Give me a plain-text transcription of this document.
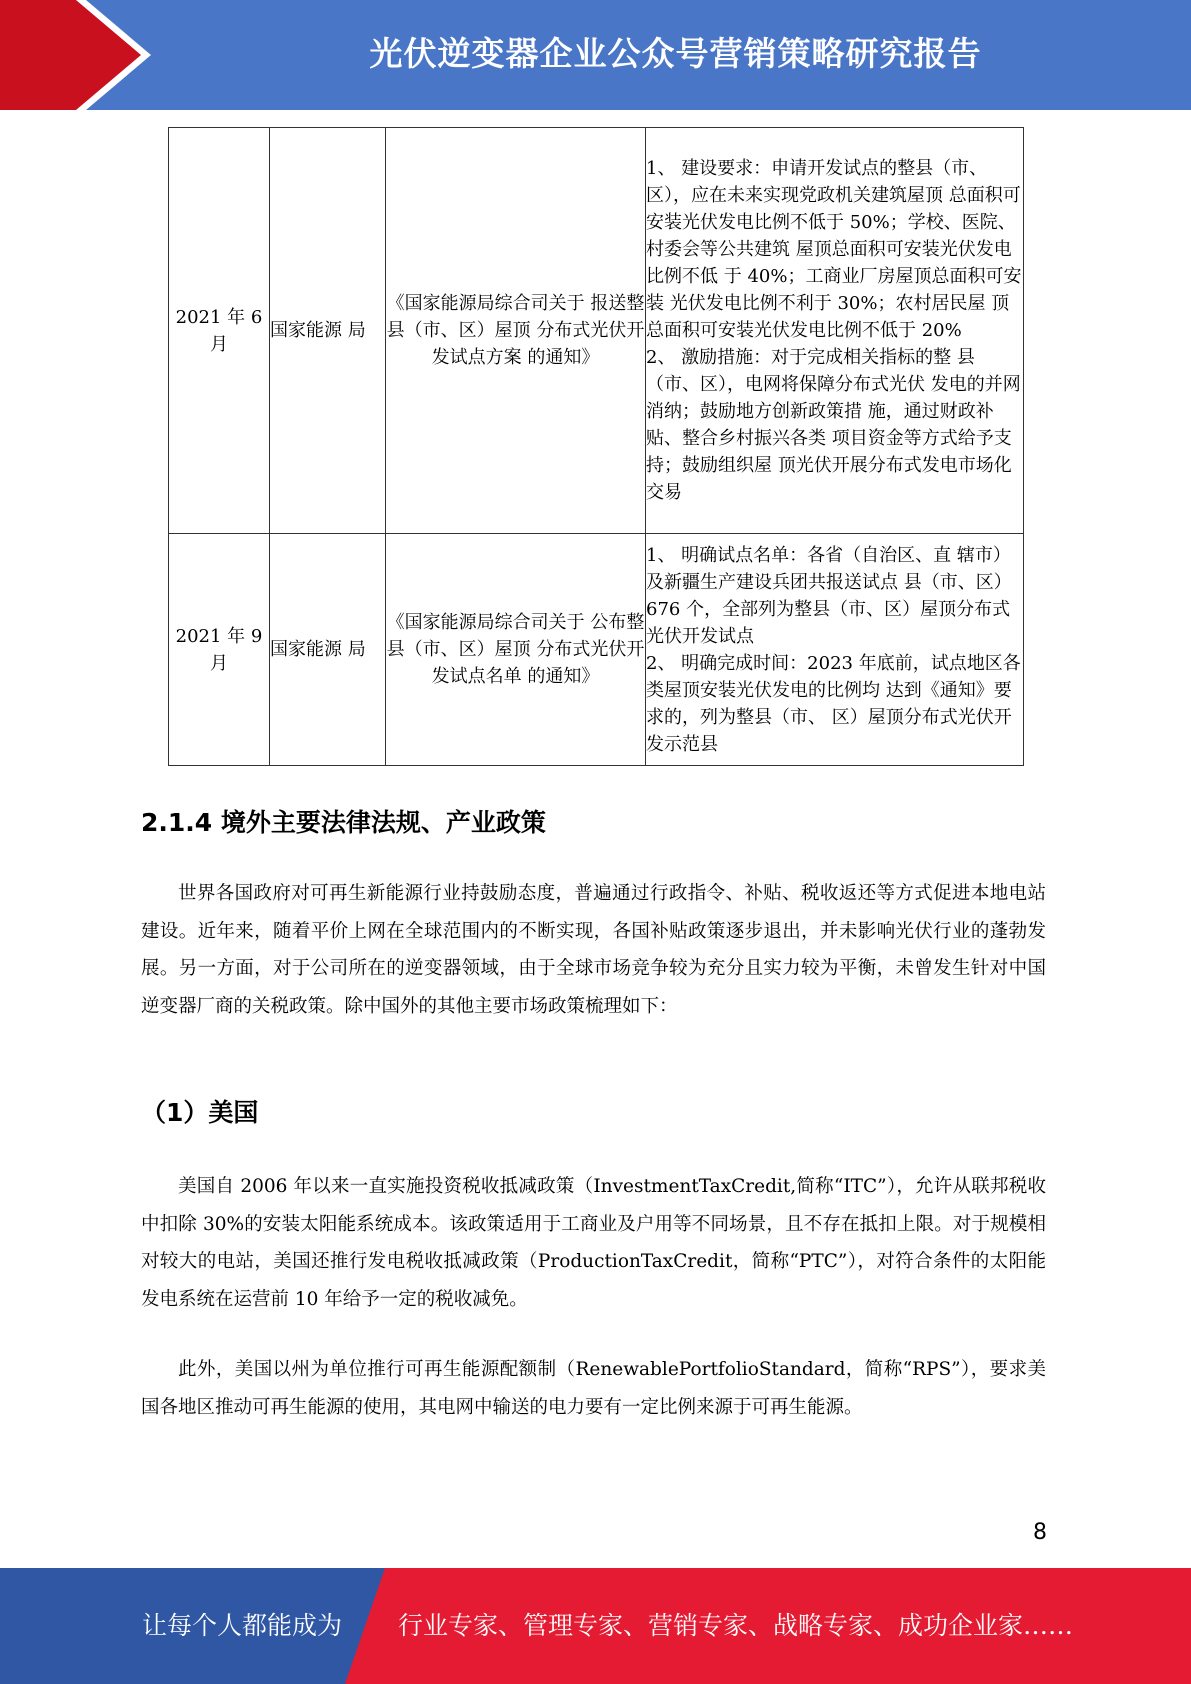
光伏逆变器企业公众号营销策略研究报告
2021 年 6 月	国家能源 局	《国家能源局综合司关于 报送整县（市、区）屋顶 分布式光伏开发试点方案 的通知》	1、 建设要求：申请开发试点的整县（市、 区），应在未来实现党政机关建筑屋顶 总面积可安装光伏发电比例不低于 50%；学校、医院、村委会等公共建筑 屋顶总面积可安装光伏发电比例不低 于 40%；工商业厂房屋顶总面积可安装 光伏发电比例不利于 30%；农村居民屋 顶总面积可安装光伏发电比例不低于 20%
2、 激励措施：对于完成相关指标的整 县（市、区），电网将保障分布式光伏 发电的并网消纳；鼓励地方创新政策措 施，通过财政补贴、整合乡村振兴各类 项目资金等方式给予支持；鼓励组织屋 顶光伏开展分布式发电市场化交易

2021 年 9 月	国家能源 局	《国家能源局综合司关于 公布整县（市、区）屋顶 分布式光伏开发试点名单 的通知》	1、 明确试点名单：各省（自治区、直 辖市）及新疆生产建设兵团共报送试点 县（市、区） 676 个，全部列为整县（市、区）屋顶分布式光伏开发试点
2、 明确完成时间：2023 年底前，试点地区各类屋顶安装光伏发电的比例均 达到《通知》要求的，列为整县（市、 区）屋顶分布式光伏开发示范县
2.1.4 境外主要法律法规、产业政策

世界各国政府对可再生新能源行业持鼓励态度，普遍通过行政指令、补贴、税收返还等方式促进本地电站建设。近年来，随着平价上网在全球范围内的不断实现，各国补贴政策逐步退出，并未影响光伏行业的蓬勃发展。另一方面，对于公司所在的逆变器领域，由于全球市场竞争较为充分且实力较为平衡，未曾发生针对中国逆变器厂商的关税政策。除中国外的其他主要市场政策梳理如下：

（1）美国

美国自 2006 年以来一直实施投资税收抵减政策（InvestmentTaxCredit,简称“ITC”），允许从联邦税收中扣除 30%的安装太阳能系统成本。该政策适用于工商业及户用等不同场景，且不存在抵扣上限。对于规模相对较大的电站，美国还推行发电税收抵减政策（ProductionTaxCredit，简称“PTC”），对符合条件的太阳能发电系统在运营前 10 年给予一定的税收减免。

此外，美国以州为单位推行可再生能源配额制（RenewablePortfolioStandard，简称“RPS”），要求美国各地区推动可再生能源的使用，其电网中输送的电力要有一定比例来源于可再生能源。

8
让每个人都能成为 行业专家、管理专家、营销专家、战略专家、成功企业家……
